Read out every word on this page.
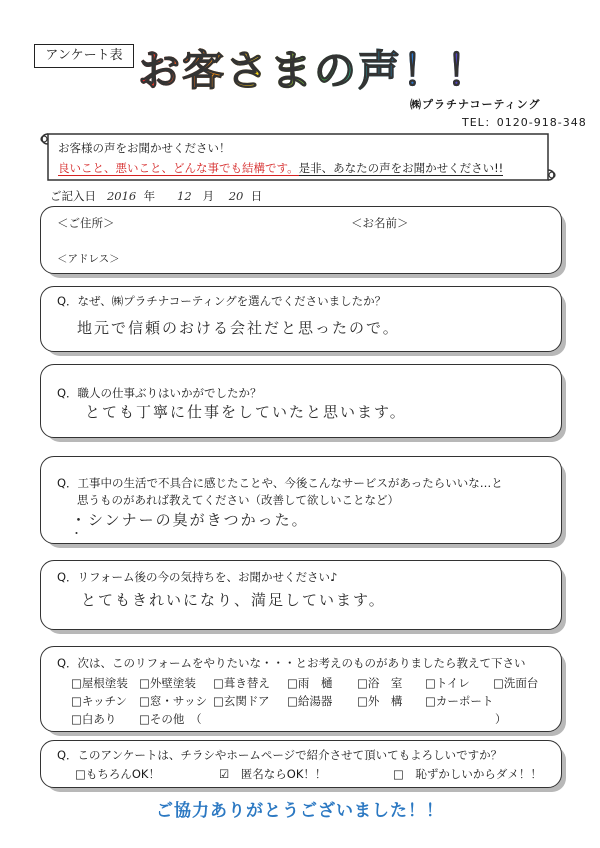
アンケート表 お客さまの声！！
㈱プラチナコーティング
TEL：0120-918-348
お客様の声をお聞かせください！
良いこと、悪いこと、どんな事でも結構です。是非、あなたの声をお聞かせください!!
ご記入日 2016 年 12 月 20 日
＜ご住所＞	＜お名前＞
＜アドレス＞
Q．なぜ、㈱プラチナコーティングを選んでくださいましたか？
地元で信頼のおける会社だと思ったので。
Q．職人の仕事ぶりはいかがでしたか？
とても丁寧に仕事をしていたと思います。
Q．工事中の生活で不具合に感じたことや、今後こんなサービスがあったらいいな…と
思うものがあれば教えてください（改善して欲しいことなど）
・シンナーの臭がきつかった。
・
Q．リフォーム後の今の気持ちを、お聞かせください♪
とてもきれいになり、満足しています。
Q．次は、このリフォームをやりたいな・・・とお考えのものがありましたら教えて下さい
□屋根塗装 □外壁塗装 □葺き替え □雨　樋 □浴　室 □トイレ □洗面台
□キッチン □窓・サッシ □玄関ドア □給湯器 □外　構 □カーポート
□白あり □その他　（	）
Q．このアンケートは、チラシやホームページで紹介させて頂いてもよろしいですか？
□もちろんOK！	☑　匿名ならOK！！	□　恥ずかしいからダメ！！
ご協力ありがとうございました！！
